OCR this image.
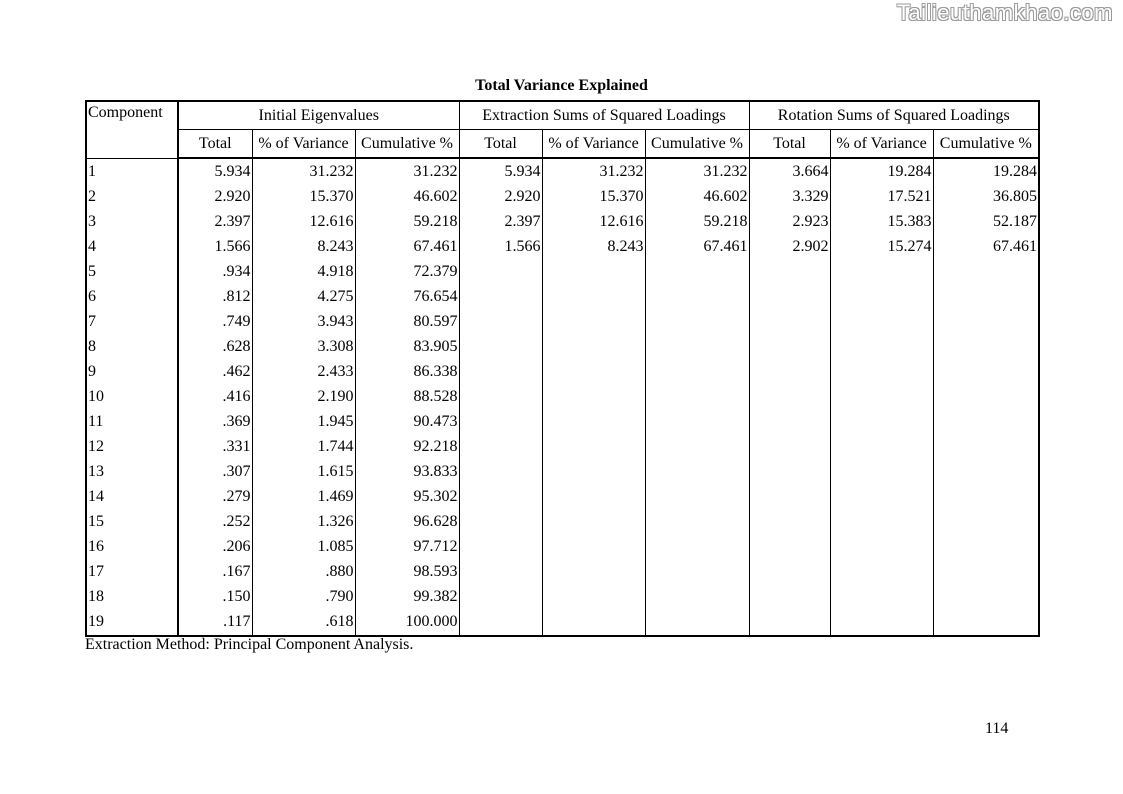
Tailieuthamkhao.com
Total Variance Explained
Component	Initial Eigenvalues			Extraction Sums of Squared Loadings			Rotation Sums of Squared Loadings		
	Total	% of Variance	Cumulative %	Total	% of Variance	Cumulative %	Total	% of Variance	Cumulative %
1	5.934	31.232	31.232	5.934	31.232	31.232	3.664	19.284	19.284
2	2.920	15.370	46.602	2.920	15.370	46.602	3.329	17.521	36.805
3	2.397	12.616	59.218	2.397	12.616	59.218	2.923	15.383	52.187
4	1.566	8.243	67.461	1.566	8.243	67.461	2.902	15.274	67.461
5	.934	4.918	72.379						
6	.812	4.275	76.654						
7	.749	3.943	80.597						
8	.628	3.308	83.905						
9	.462	2.433	86.338						
10	.416	2.190	88.528						
11	.369	1.945	90.473						
12	.331	1.744	92.218						
13	.307	1.615	93.833						
14	.279	1.469	95.302						
15	.252	1.326	96.628						
16	.206	1.085	97.712						
17	.167	.880	98.593						
18	.150	.790	99.382						
19	.117	.618	100.000						
Extraction Method: Principal Component Analysis.
114
